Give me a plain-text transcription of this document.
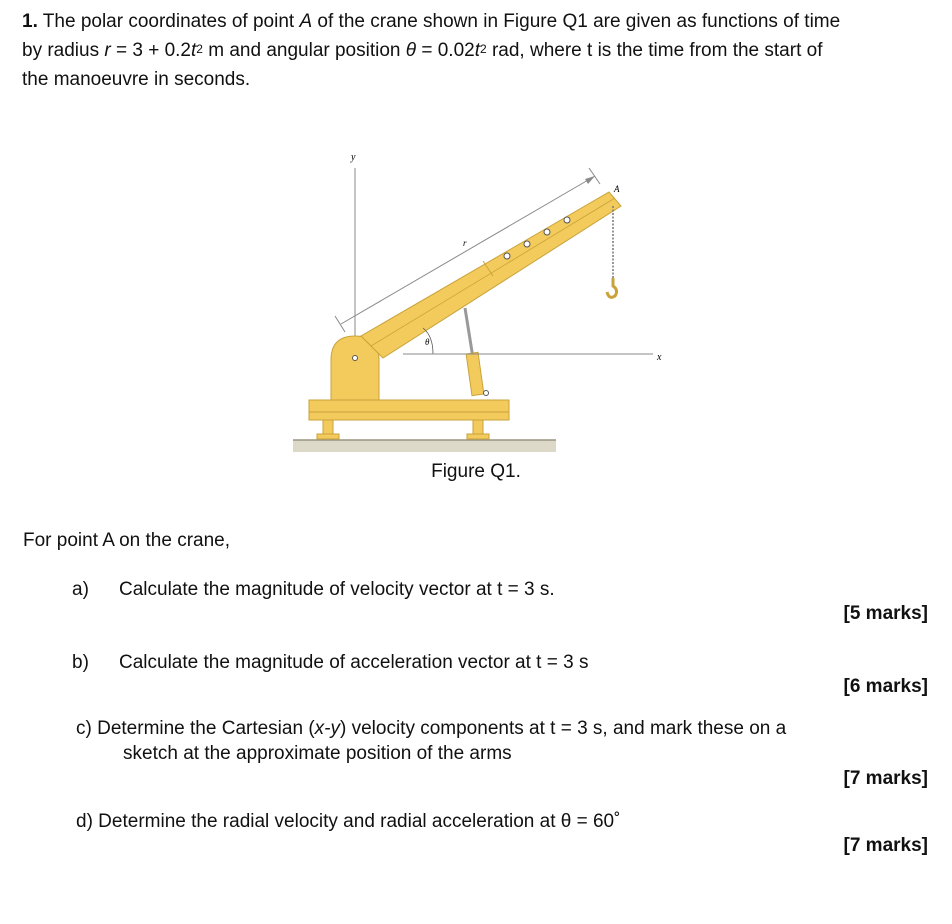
1. The polar coordinates of point A of the crane shown in Figure Q1 are given as functions of time
by radius $r = 3 + 0.2t^2$ m and angular position $\theta = 0.02t^2$ rad, where t is the time from the start of
the manoeuvre in seconds.
y
x
r
A
θ
Figure Q1.
For point A on the crane,
a) Calculate the magnitude of velocity vector at t = 3 s.
[5 marks]
b) Calculate the magnitude of acceleration vector at t = 3 s
[6 marks]
c) Determine the Cartesian (x-y) velocity components at t = 3 s, and mark these on a
sketch at the approximate position of the arms
[7 marks]
d) Determine the radial velocity and radial acceleration at θ = 60˚
[7 marks]
